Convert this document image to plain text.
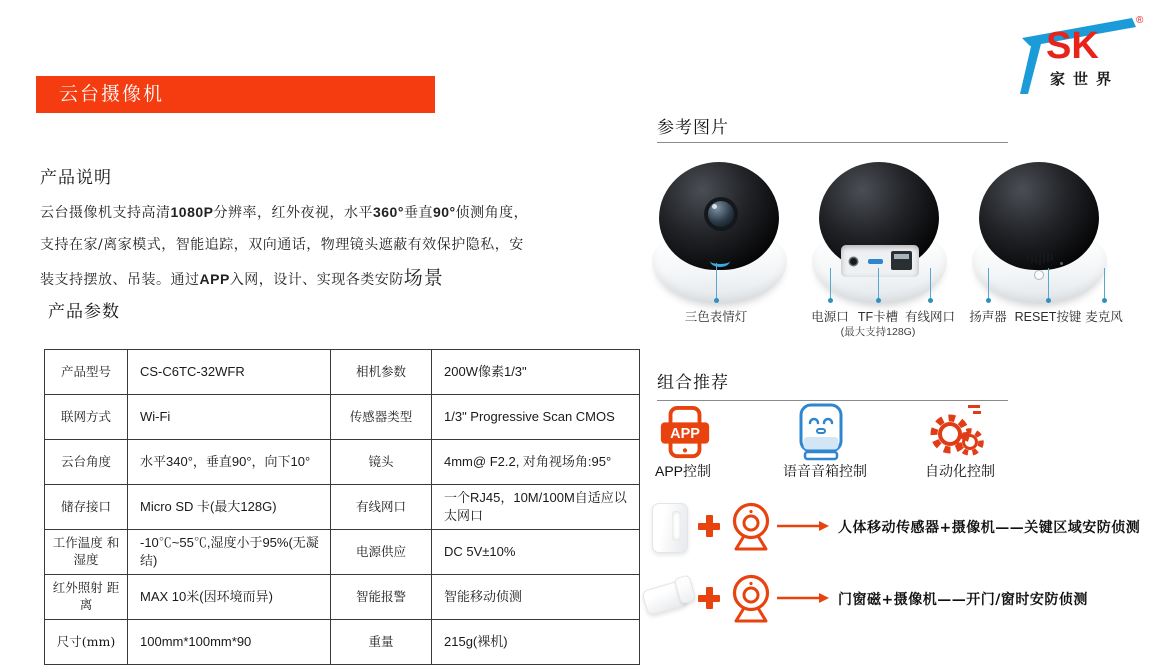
云台摄像机
SK
®
家世界
产品说明
云台摄像机支持高清1080P分辨率，红外夜视，水平360°垂直90°侦测角度，
支持在家/离家模式，智能追踪，双向通话，物理镜头遮蔽有效保护隐私，安
装支持摆放、吊装。通过APP入网，设计、实现各类安防场景
产品参数
产品型号	CS-C6TC-32WFR	相机参数	200W像素1/3"
联网方式	Wi-Fi	传感器类型	1/3" Progressive Scan CMOS
云台角度	水平340°，垂直90°，向下10°	镜头	4mm@ F2.2, 对角视场角:95°
储存接口	Micro SD 卡(最大128G)	有线网口	一个RJ45，10M/100M自适应以太网口
工作温度 和湿度	-10℃~55℃,湿度小于95%(无凝结)	电源供应	DC 5V±10%
红外照射 距离	MAX 10米(因环境而异)	智能报警	智能移动侦测
尺寸(mm)	100mm*100mm*90	重量	215g(裸机)
参考图片
三色表情灯	电源口 TF卡槽
(最大支持128G)
有线网口	扬声器 RESET按键 麦克风
组合推荐
APP
APP控制	语音音箱控制	自动化控制
人体移动传感器+摄像机——关键区域安防侦测
门窗磁+摄像机——开门/窗时安防侦测
